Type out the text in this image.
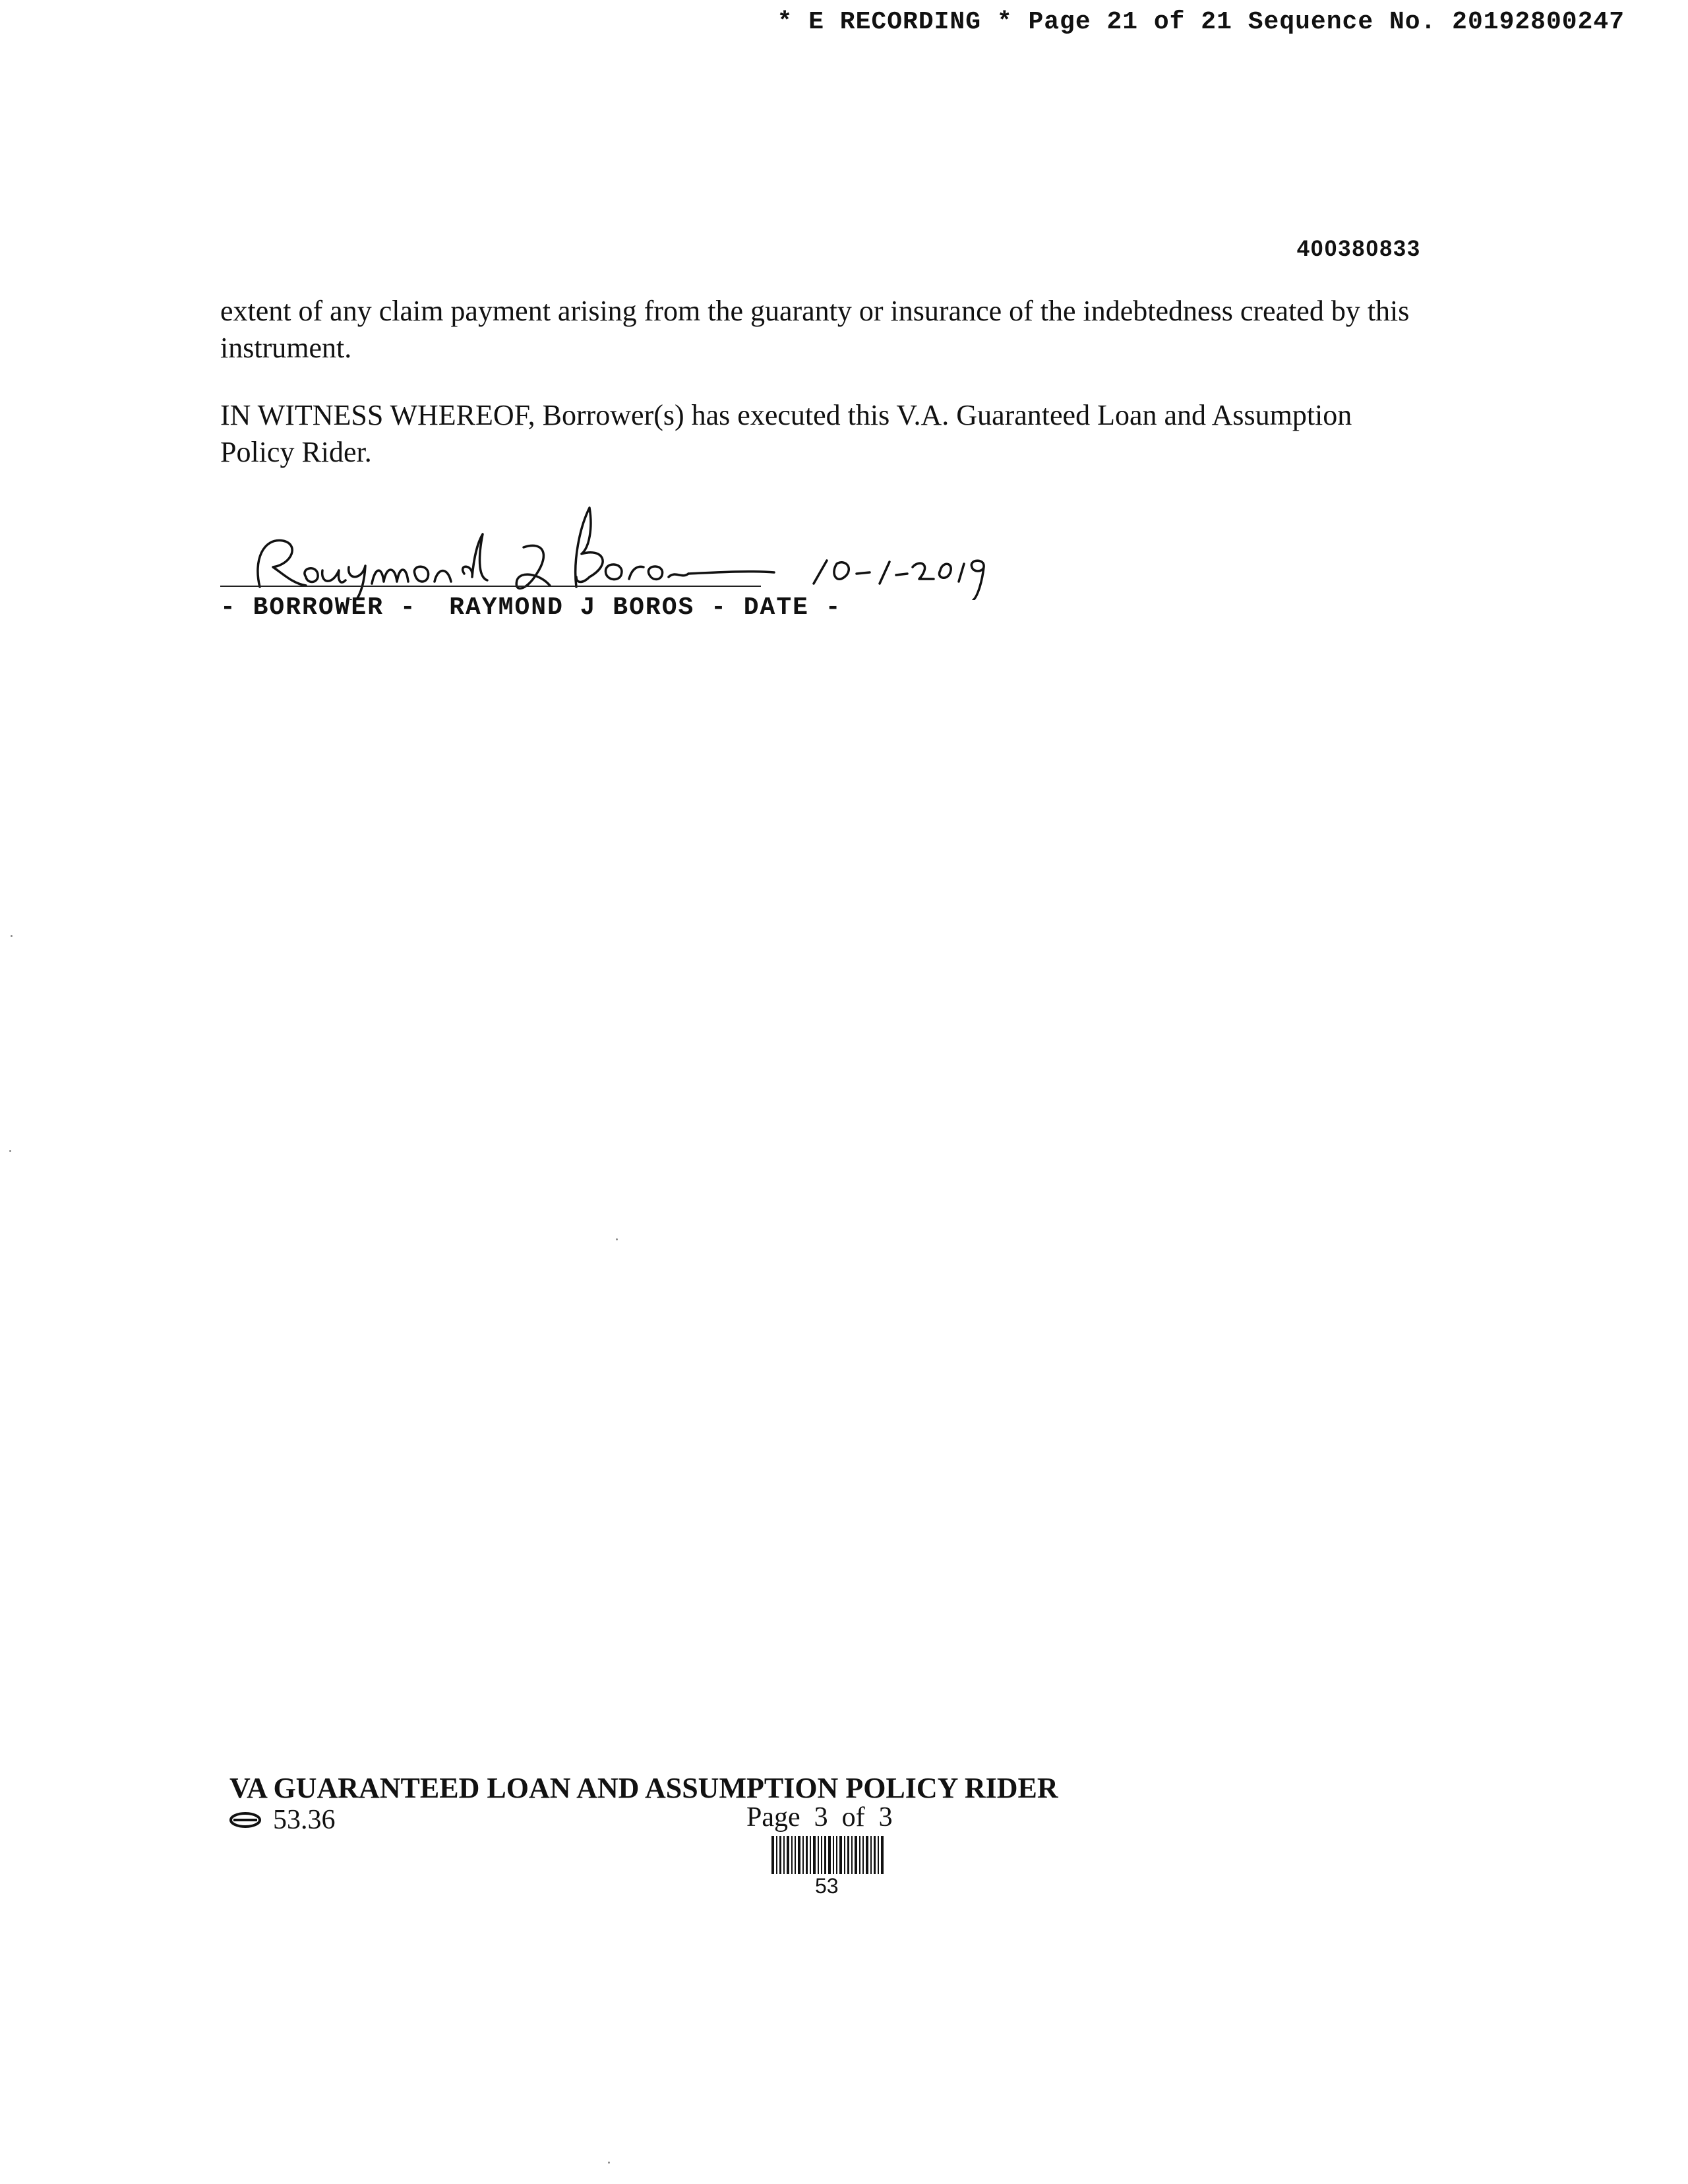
* E RECORDING * Page 21 of 21 Sequence No. 20192800247
400380833
extent of any claim payment arising from the guaranty or insurance of the indebtedness created by this instrument.
IN WITNESS WHEREOF, Borrower(s) has executed this V.A. Guaranteed Loan and Assumption Policy Rider.
- BORROWER -  RAYMOND J BOROS - DATE -
VA GUARANTEED LOAN AND ASSUMPTION POLICY RIDER
53.36	Page  3  of  3
53
